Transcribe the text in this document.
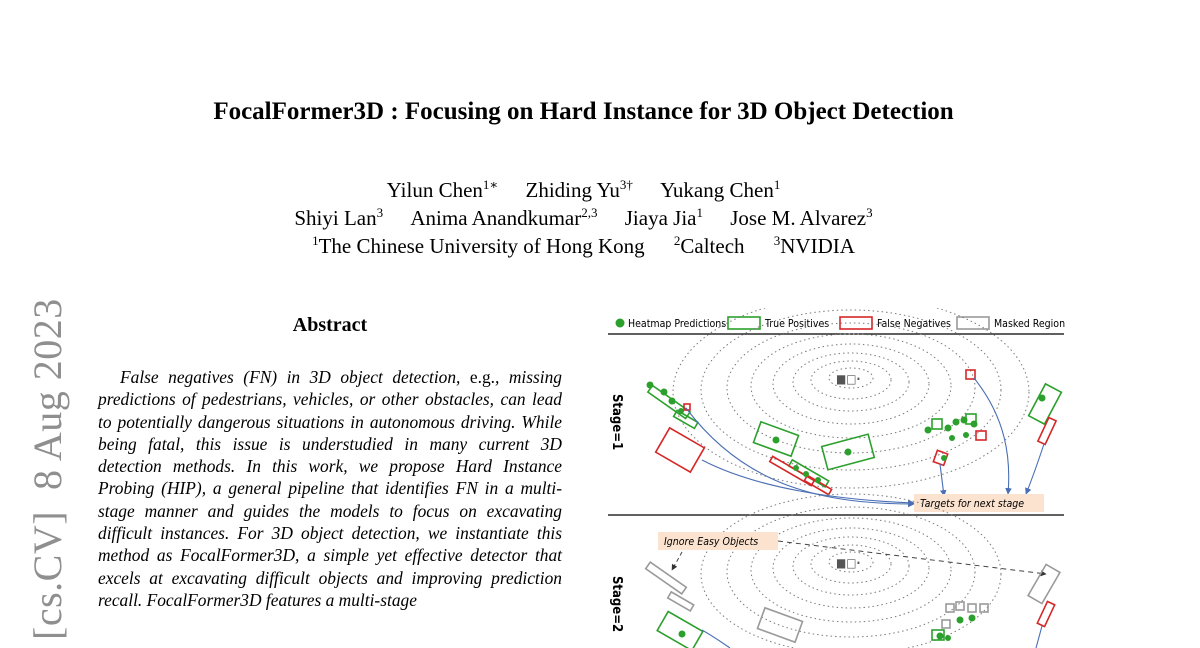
FocalFormer3D : Focusing on Hard Instance for 3D Object Detection
Yilun Chen$^{1∗}$ Zhiding $Yu^{3\dagger}$ Yukang Chen$^1$
Shiyi Lan$^3$ Anima Anandkumar$^{2,3}$ Jiaya Jia$^1$ Jose M. Alvarez$^3$
$^1$The Chinese University of Hong Kong $^2$Caltech $^3$NVIDIA
[cs.CV]  8 Aug 2023	Abstract

False negatives (FN) in 3D object detection, e.g., missing predictions of pedestrians, vehicles, or other obstacles, can lead to potentially dangerous situations in autonomous driving. While being fatal, this issue is understudied in many current 3D detection methods. In this work, we propose Hard Instance Probing (HIP), a general pipeline that identifies FN in a multi-stage manner and guides the models to focus on excavating difficult instances. For 3D object detection, we instantiate this method as FocalFormer3D, a simple yet effective detector that excels at excavating difficult objects and improving prediction recall. FocalFormer3D features a multi-stage

Heatmap Predictions	True Positives	False Negatives	Masked Region
■□·
Stage=1
Targets for next stage
■□·
Stage=2
Ignore Easy Objects
